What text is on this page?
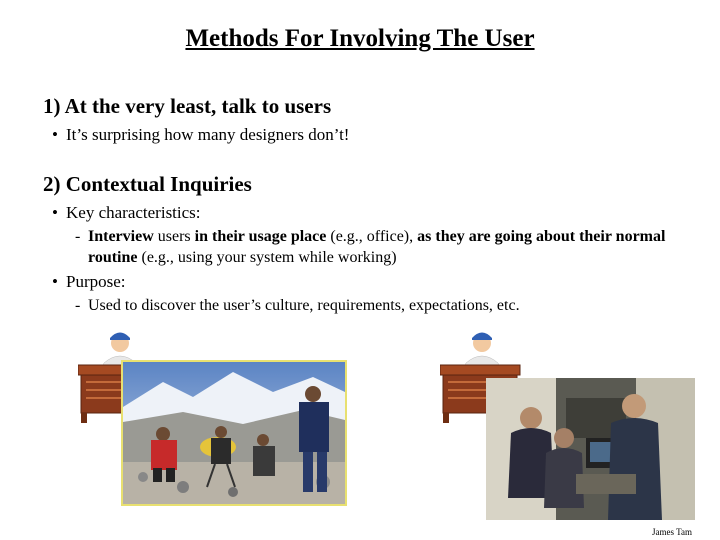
Methods For Involving The User
1) At the very least, talk to users
• It’s surprising how many designers don’t!
2) Contextual Inquiries
• Key characteristics:
- Interview users in their usage place (e.g., office), as they are going about their normal routine (e.g., using your system while working)
• Purpose:
- Used to discover the user’s culture, requirements, expectations, etc.
James Tam
